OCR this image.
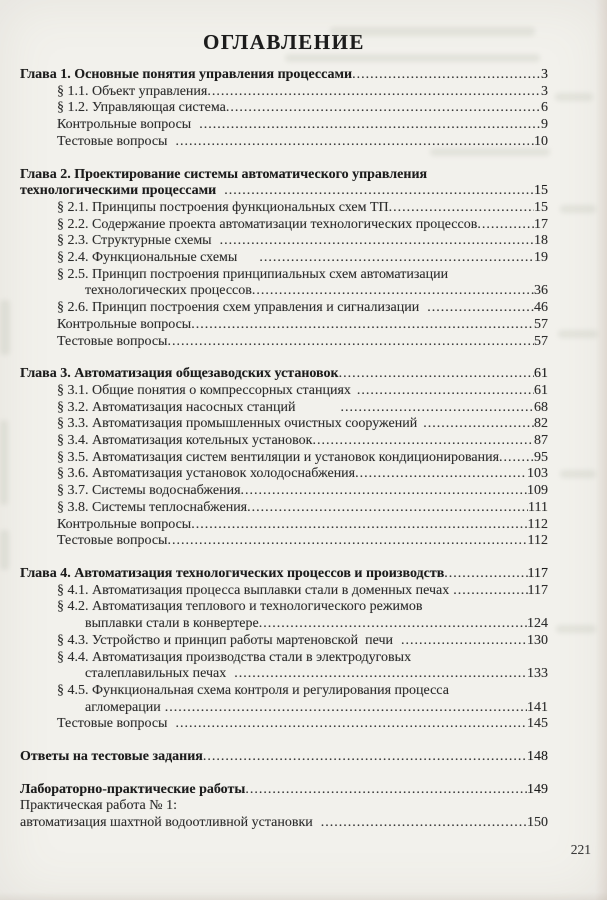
ОГЛАВЛЕНИЕ
Глава 1. Основные понятия управления процессами .....	3
§ 1.1. Объект управления .....	3
§ 1.2. Управляющая система .....	6
Контрольные вопросы .....	9
Тестовые вопросы .....	10
Глава 2. Проектирование системы автоматического управления
технологическими процессами .....	15
§ 2.1. Принципы построения функциональных схем ТП .....	15
§ 2.2. Содержание проекта автоматизации технологических процессов .....	17
§ 2.3. Структурные схемы .....	18
§ 2.4. Функциональные схемы .....	19
§ 2.5. Принцип построения принципиальных схем автоматизации
технологических процессов .....	36
§ 2.6. Принцип построения схем управления и сигнализации .....	46
Контрольные вопросы .....	57
Тестовые вопросы .....	57
Глава 3. Автоматизация общезаводских установок .....	61
§ 3.1. Общие понятия о компрессорных станциях .....	61
§ 3.2. Автоматизация насосных станций .....	68
§ 3.3. Автоматизация промышленных очистных сооружений .....	82
§ 3.4. Автоматизация котельных установок .....	87
§ 3.5. Автоматизация систем вентиляции и установок кондиционирования ..... 95
§ 3.6. Автоматизация установок холодоснабжения .....	103
§ 3.7. Системы водоснабжения .....	109
§ 3.8. Системы теплоснабжения .....	111
Контрольные вопросы .....	112
Тестовые вопросы .....	112
Глава 4. Автоматизация технологических процессов и производств .....	117
§ 4.1. Автоматизация процесса выплавки стали в доменных печах .....	117
§ 4.2. Автоматизация теплового и технологического режимов
выплавки стали в конвертере .....	124
§ 4.3. Устройство и принцип работы мартеновской  печи .....	130
§ 4.4. Автоматизация производства стали в электродуговых
сталеплавильных печах .....	133
§ 4.5. Функциональная схема контроля и регулирования процесса
агломерации .....	141
Тестовые вопросы .....	145
Ответы на тестовые задания .....	148
Лабораторно-практические работы .....	149
Практическая работа № 1:
автоматизация шахтной водоотливной установки .....	150
221
